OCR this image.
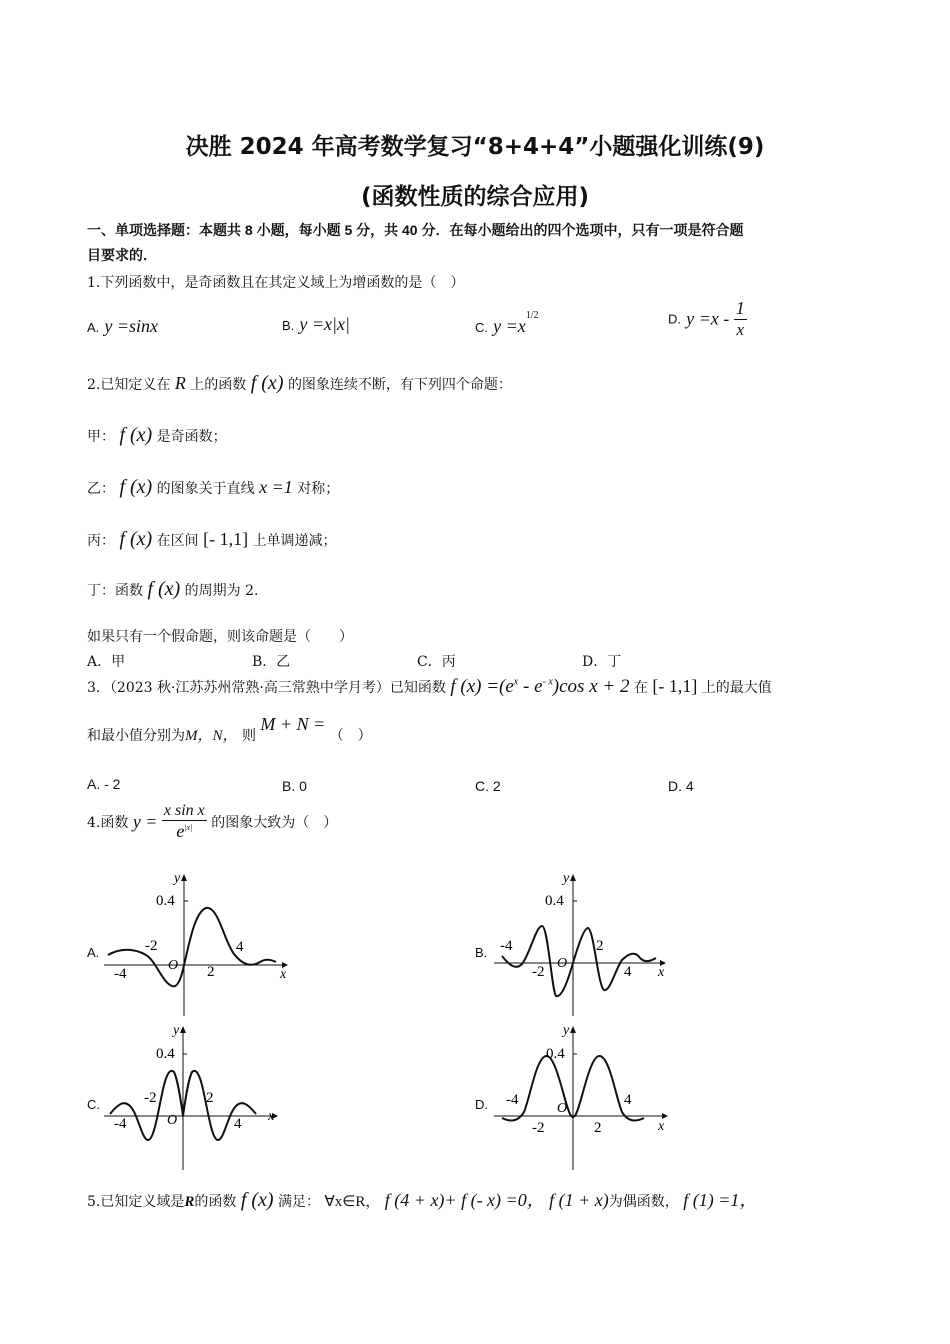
决胜 2024 年高考数学复习“8+4+4”小题强化训练(9)
(函数性质的综合应用)
一、单项选择题：本题共 8 小题，每小题 5 分，共 40 分．在每小题给出的四个选项中，只有一项是符合题
目要求的．
1.下列函数中，是奇函数且在其定义域上为增函数的是（　）
A. y =sinx	B. y =x|x|	C. $y =x^{1/2}$	D. $y =x - \frac{1}{x}$
2.已知定义在 R 上的函数 f (x) 的图象连续不断，有下列四个命题：
甲： f (x) 是奇函数；
乙： f (x) 的图象关于直线 x =1 对称；
丙： f (x) 在区间 [- 1,1] 上单调递减；
丁：函数 f (x) 的周期为 2.
如果只有一个假命题，则该命题是（　　）
A．甲	B．乙	C．丙	D．丁
3．（2023 秋·江苏苏州常熟·高三常熟中学月考）已知函数 f $(x) =(e^x - e^{- x})\cos$ x + 2 在 [- 1,1] 上的最大值
和最小值分别为M，N， 则 M + N = （　）
A. - 2	B. 0	C. 2	D. 4
4.函数 $y = \frac{\text{x sin x}}{e^{|x|}}$ 的图象大致为（　）
A.	B.
C.	D.
y
x
O
0.4
-4
-2
2
4
y
x
O
0.4
-4
-2
2
4
y
x
O
0.4
-4
-2	2
4
y
x
O
0.4
-4
-2	2
4
5.已知定义域是R的函数 f (x) 满足： ∀x∈R， f (4 + x)+ f (- x) =0， f (1 + x)为偶函数， f (1) =1，
